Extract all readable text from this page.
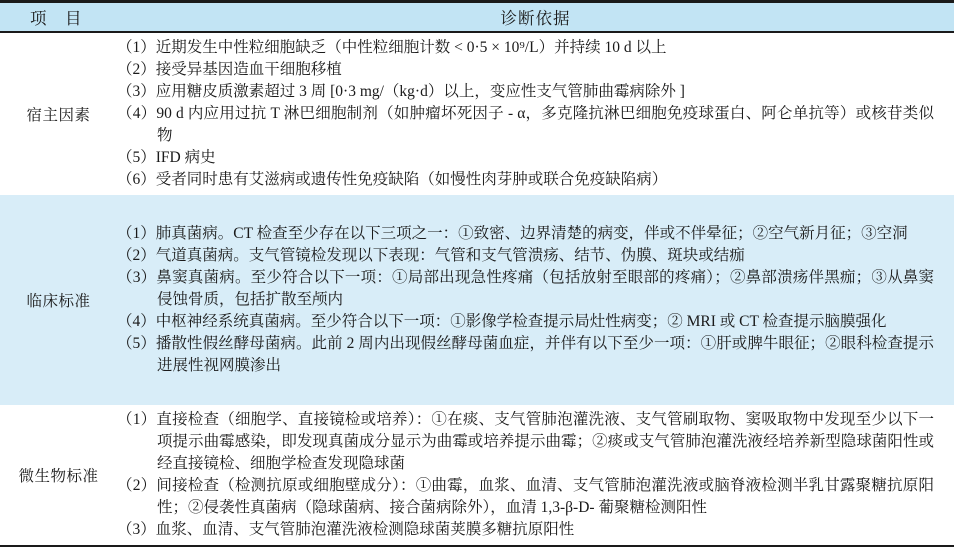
项　目	诊断依据
宿主因素

（1）近期发生中性粒细胞缺乏（中性粒细胞计数 < 0·5 × 10⁹/L）并持续 10 d 以上

（2）接受异基因造血干细胞移植

（3）应用糖皮质激素超过 3 周 [0·3 mg/（kg·d）以上，变应性支气管肺曲霉病除外 ]

（4）90 d 内应用过抗 T 淋巴细胞制剂（如肿瘤坏死因子 - α，多克隆抗淋巴细胞免疫球蛋白、阿仑单抗等）或核苷类似物

（5）IFD 病史

（6）受者同时患有艾滋病或遗传性免疫缺陷（如慢性肉芽肿或联合免疫缺陷病）

临床标准

（1）肺真菌病。CT 检查至少存在以下三项之一：①致密、边界清楚的病变，伴或不伴晕征；②空气新月征；③空洞

（2）气道真菌病。支气管镜检发现以下表现：气管和支气管溃疡、结节、伪膜、斑块或结痂

（3）鼻窦真菌病。至少符合以下一项：①局部出现急性疼痛（包括放射至眼部的疼痛）；②鼻部溃疡伴黑痂；③从鼻窦侵蚀骨质，包括扩散至颅内

（4）中枢神经系统真菌病。至少符合以下一项：①影像学检查提示局灶性病变；② MRI 或 CT 检查提示脑膜强化

（5）播散性假丝酵母菌病。此前 2 周内出现假丝酵母菌血症，并伴有以下至少一项：①肝或脾牛眼征；②眼科检查提示进展性视网膜渗出

微生物标准

（1）直接检查（细胞学、直接镜检或培养）：①在痰、支气管肺泡灌洗液、支气管刷取物、窦吸取物中发现至少以下一项提示曲霉感染，即发现真菌成分显示为曲霉或培养提示曲霉；②痰或支气管肺泡灌洗液经培养新型隐球菌阳性或经直接镜检、细胞学检查发现隐球菌

（2）间接检查（检测抗原或细胞壁成分）：①曲霉，血浆、血清、支气管肺泡灌洗液或脑脊液检测半乳甘露聚糖抗原阳性；②侵袭性真菌病（隐球菌病、接合菌病除外），血清 1,3-β-D- 葡聚糖检测阳性

（3）血浆、血清、支气管肺泡灌洗液检测隐球菌荚膜多糖抗原阳性
